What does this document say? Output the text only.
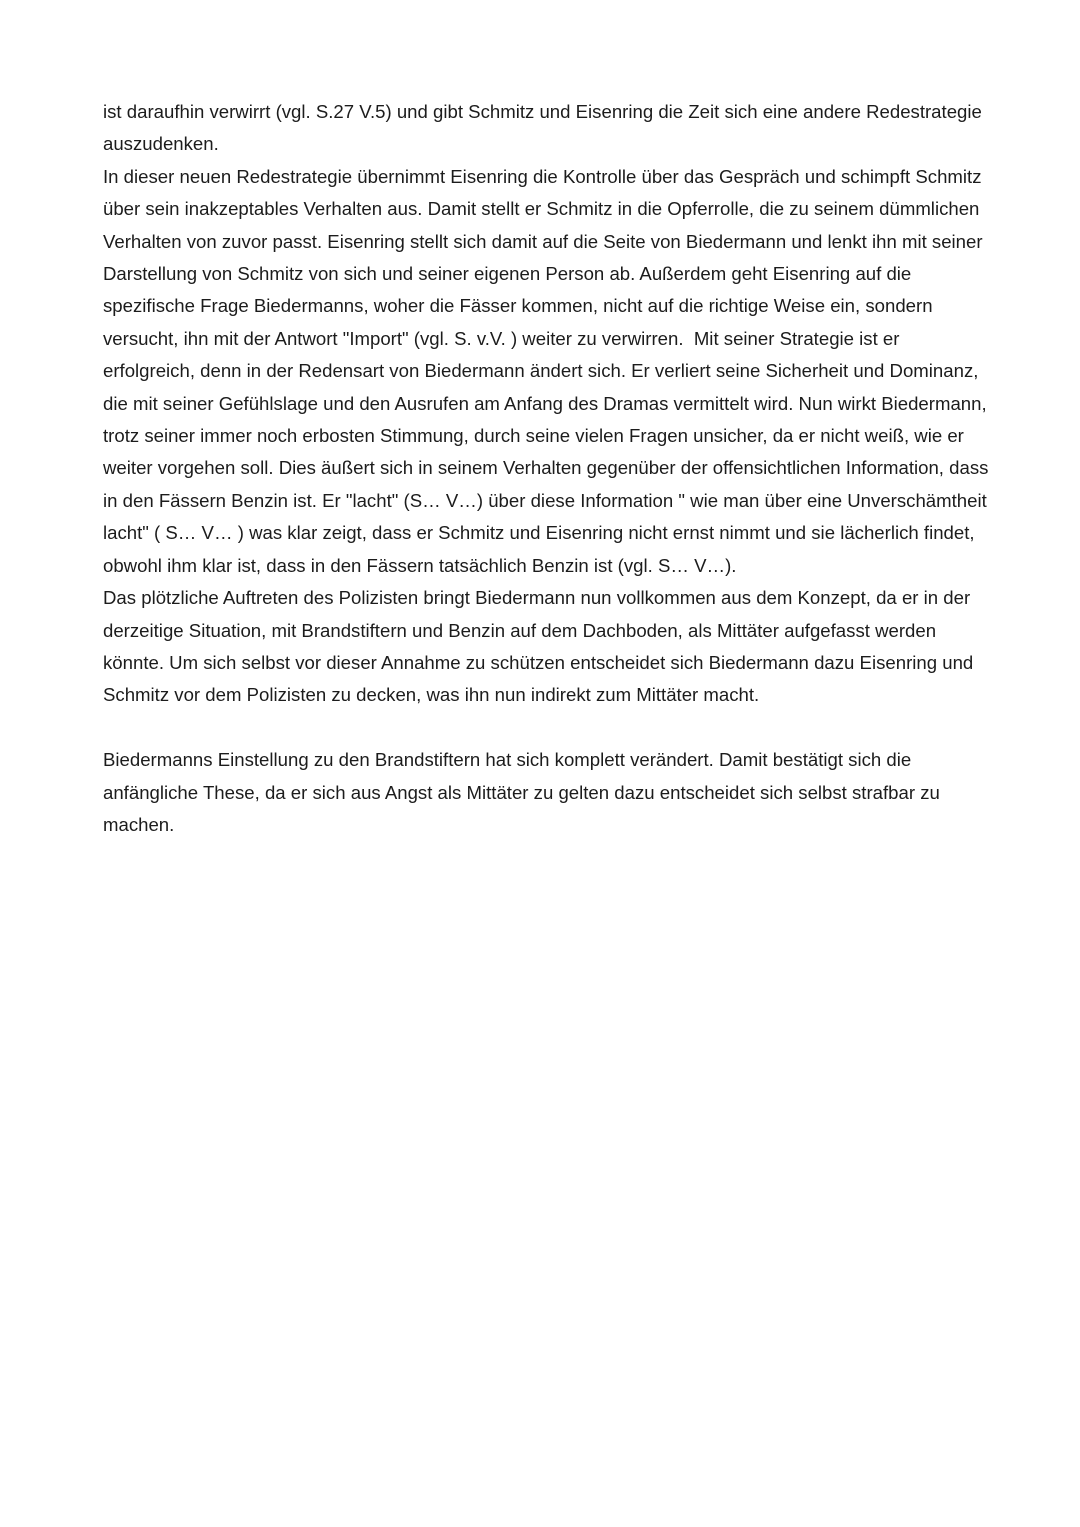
ist daraufhin verwirrt (vgl. S.27 V.5) und gibt Schmitz und Eisenring die Zeit sich eine andere Redestrategie auszudenken.

In dieser neuen Redestrategie übernimmt Eisenring die Kontrolle über das Gespräch und schimpft Schmitz über sein inakzeptables Verhalten aus. Damit stellt er Schmitz in die Opferrolle, die zu seinem dümmlichen Verhalten von zuvor passt. Eisenring stellt sich damit auf die Seite von Biedermann und lenkt ihn mit seiner Darstellung von Schmitz von sich und seiner eigenen Person ab. Außerdem geht Eisenring auf die spezifische Frage Biedermanns, woher die Fässer kommen, nicht auf die richtige Weise ein, sondern versucht, ihn mit der Antwort "Import" (vgl. S. v.V. ) weiter zu verwirren.  Mit seiner Strategie ist er erfolgreich, denn in der Redensart von Biedermann ändert sich. Er verliert seine Sicherheit und Dominanz, die mit seiner Gefühlslage und den Ausrufen am Anfang des Dramas vermittelt wird. Nun wirkt Biedermann, trotz seiner immer noch erbosten Stimmung, durch seine vielen Fragen unsicher, da er nicht weiß, wie er weiter vorgehen soll. Dies äußert sich in seinem Verhalten gegenüber der offensichtlichen Information, dass in den Fässern Benzin ist. Er "lacht" (S… V…) über diese Information " wie man über eine Unverschämtheit lacht" ( S… V… ) was klar zeigt, dass er Schmitz und Eisenring nicht ernst nimmt und sie lächerlich findet, obwohl ihm klar ist, dass in den Fässern tatsächlich Benzin ist (vgl. S… V…).

Das plötzliche Auftreten des Polizisten bringt Biedermann nun vollkommen aus dem Konzept, da er in der derzeitige Situation, mit Brandstiftern und Benzin auf dem Dachboden, als Mittäter aufgefasst werden könnte. Um sich selbst vor dieser Annahme zu schützen entscheidet sich Biedermann dazu Eisenring und Schmitz vor dem Polizisten zu decken, was ihn nun indirekt zum Mittäter macht.

Biedermanns Einstellung zu den Brandstiftern hat sich komplett verändert. Damit bestätigt sich die anfängliche These, da er sich aus Angst als Mittäter zu gelten dazu entscheidet sich selbst strafbar zu machen.
